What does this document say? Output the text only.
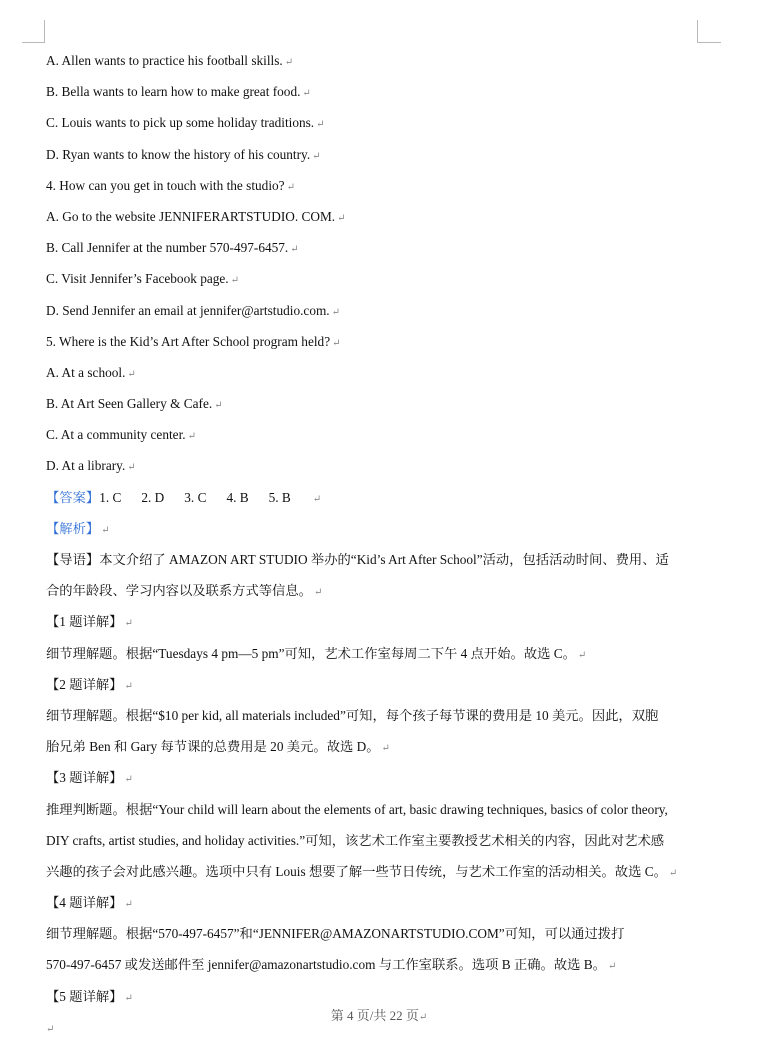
A. Allen wants to practice his football skills. ↵
B. Bella wants to learn how to make great food. ↵
C. Louis wants to pick up some holiday traditions. ↵
D. Ryan wants to know the history of his country. ↵
4. How can you get in touch with the studio? ↵
A. Go to the website JENNIFERARTSTUDIO. COM. ↵
B. Call Jennifer at the number 570-497-6457. ↵
C. Visit Jennifer’s Facebook page. ↵
D. Send Jennifer an email at jennifer@artstudio.com. ↵
5. Where is the Kid’s Art After School program held? ↵
A. At a school. ↵
B. At Art Seen Gallery & Cafe. ↵
C. At a community center. ↵
D. At a library. ↵
【答案】1. C 2. D 3. C 4. B 5. B ↵
【解析】 ↵
【导语】本文介绍了 AMAZON ART STUDIO 举办的“Kid’s Art After School”活动，包括活动时间、费用、适
合的年龄段、学习内容以及联系方式等信息。 ↵
【1 题详解】 ↵
细节理解题。根据“Tuesdays 4 pm—5 pm”可知，艺术工作室每周二下午 4 点开始。故选 C。 ↵
【2 题详解】 ↵
细节理解题。根据“$10 per kid, all materials included”可知，每个孩子每节课的费用是 10 美元。因此，双胞
胎兄弟 Ben 和 Gary 每节课的总费用是 20 美元。故选 D。 ↵
【3 题详解】 ↵
推理判断题。根据“Your child will learn about the elements of art, basic drawing techniques, basics of color theory,
DIY crafts, artist studies, and holiday activities.”可知，该艺术工作室主要教授艺术相关的内容，因此对艺术感
兴趣的孩子会对此感兴趣。选项中只有 Louis 想要了解一些节日传统，与艺术工作室的活动相关。故选 C。 ↵
【4 题详解】 ↵
细节理解题。根据“570-497-6457”和“JENNIFER@AMAZONARTSTUDIO.COM”可知，可以通过拨打
570-497-6457 或发送邮件至 jennifer@amazonartstudio.com 与工作室联系。选项 B 正确。故选 B。 ↵
【5 题详解】 ↵
第 4 页/共 22 页↵
↵
